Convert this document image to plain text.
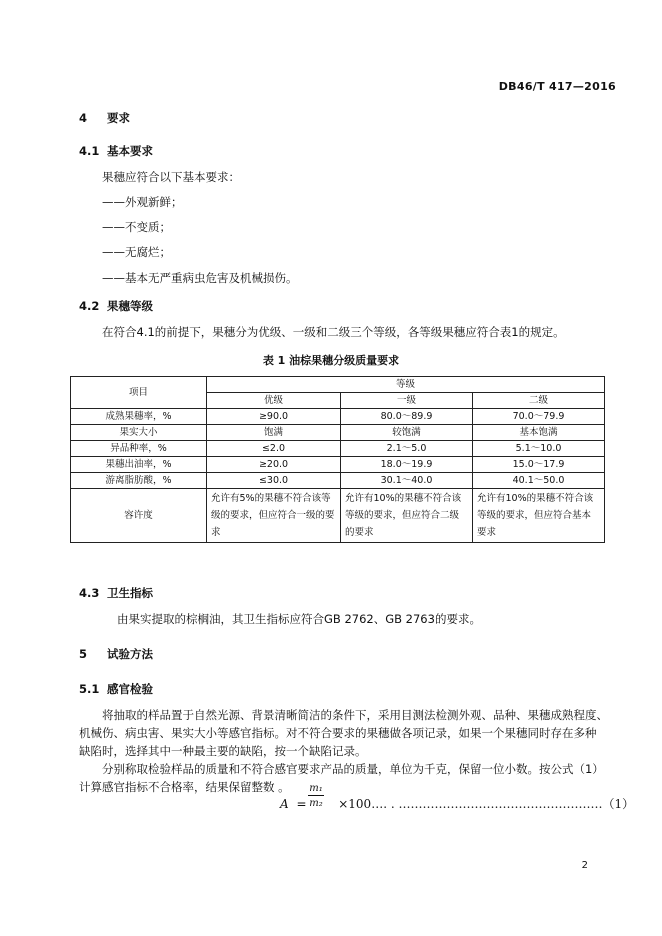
DB46/T 417—2016
4 要求
4.1 基本要求
果穗应符合以下基本要求：
——外观新鲜；
——不变质；
——无腐烂；
——基本无严重病虫危害及机械损伤。
4.2 果穗等级
在符合4.1的前提下，果穗分为优级、一级和二级三个等级，各等级果穗应符合表1的规定。
表 1 油棕果穗分级质量要求
项目	等级		
	优级	一级	二级
成熟果穗率，%	≥90.0	80.0～89.9	70.0～79.9
果实大小	饱满	较饱满	基本饱满
异品种率，%	≤2.0	2.1～5.0	5.1～10.0
果穗出油率，%	≥20.0	18.0～19.9	15.0～17.9
游离脂肪酸，%	≤30.0	30.1～40.0	40.1～50.0
容许度	允许有5%的果穗不符合该等级的要求，但应符合一级的要求	允许有10%的果穗不符合该等级的要求，但应符合二级的要求	允许有10%的果穗不符合该等级的要求，但应符合基本要求
4.3 卫生指标
由果实提取的棕榈油，其卫生指标应符合GB 2762、GB 2763的要求。
5 试验方法
5.1 感官检验
将抽取的样品置于自然光源、背景清晰简洁的条件下，采用目测法检测外观、品种、果穗成熟程度、
机械伤、病虫害、果实大小等感官指标。对不符合要求的果穗做各项记录，如果一个果穗同时存在多种
缺陷时，选择其中一种最主要的缺陷，按一个缺陷记录。
分别称取检验样品的质量和不符合感官要求产品的质量，单位为千克，保留一位小数。按公式（1）
计算感官指标不合格率，结果保留整数 。
$A = \frac{\text{m₁}}{\text{m₂}}$ ×100…. . ……………………………………………（1）
2
